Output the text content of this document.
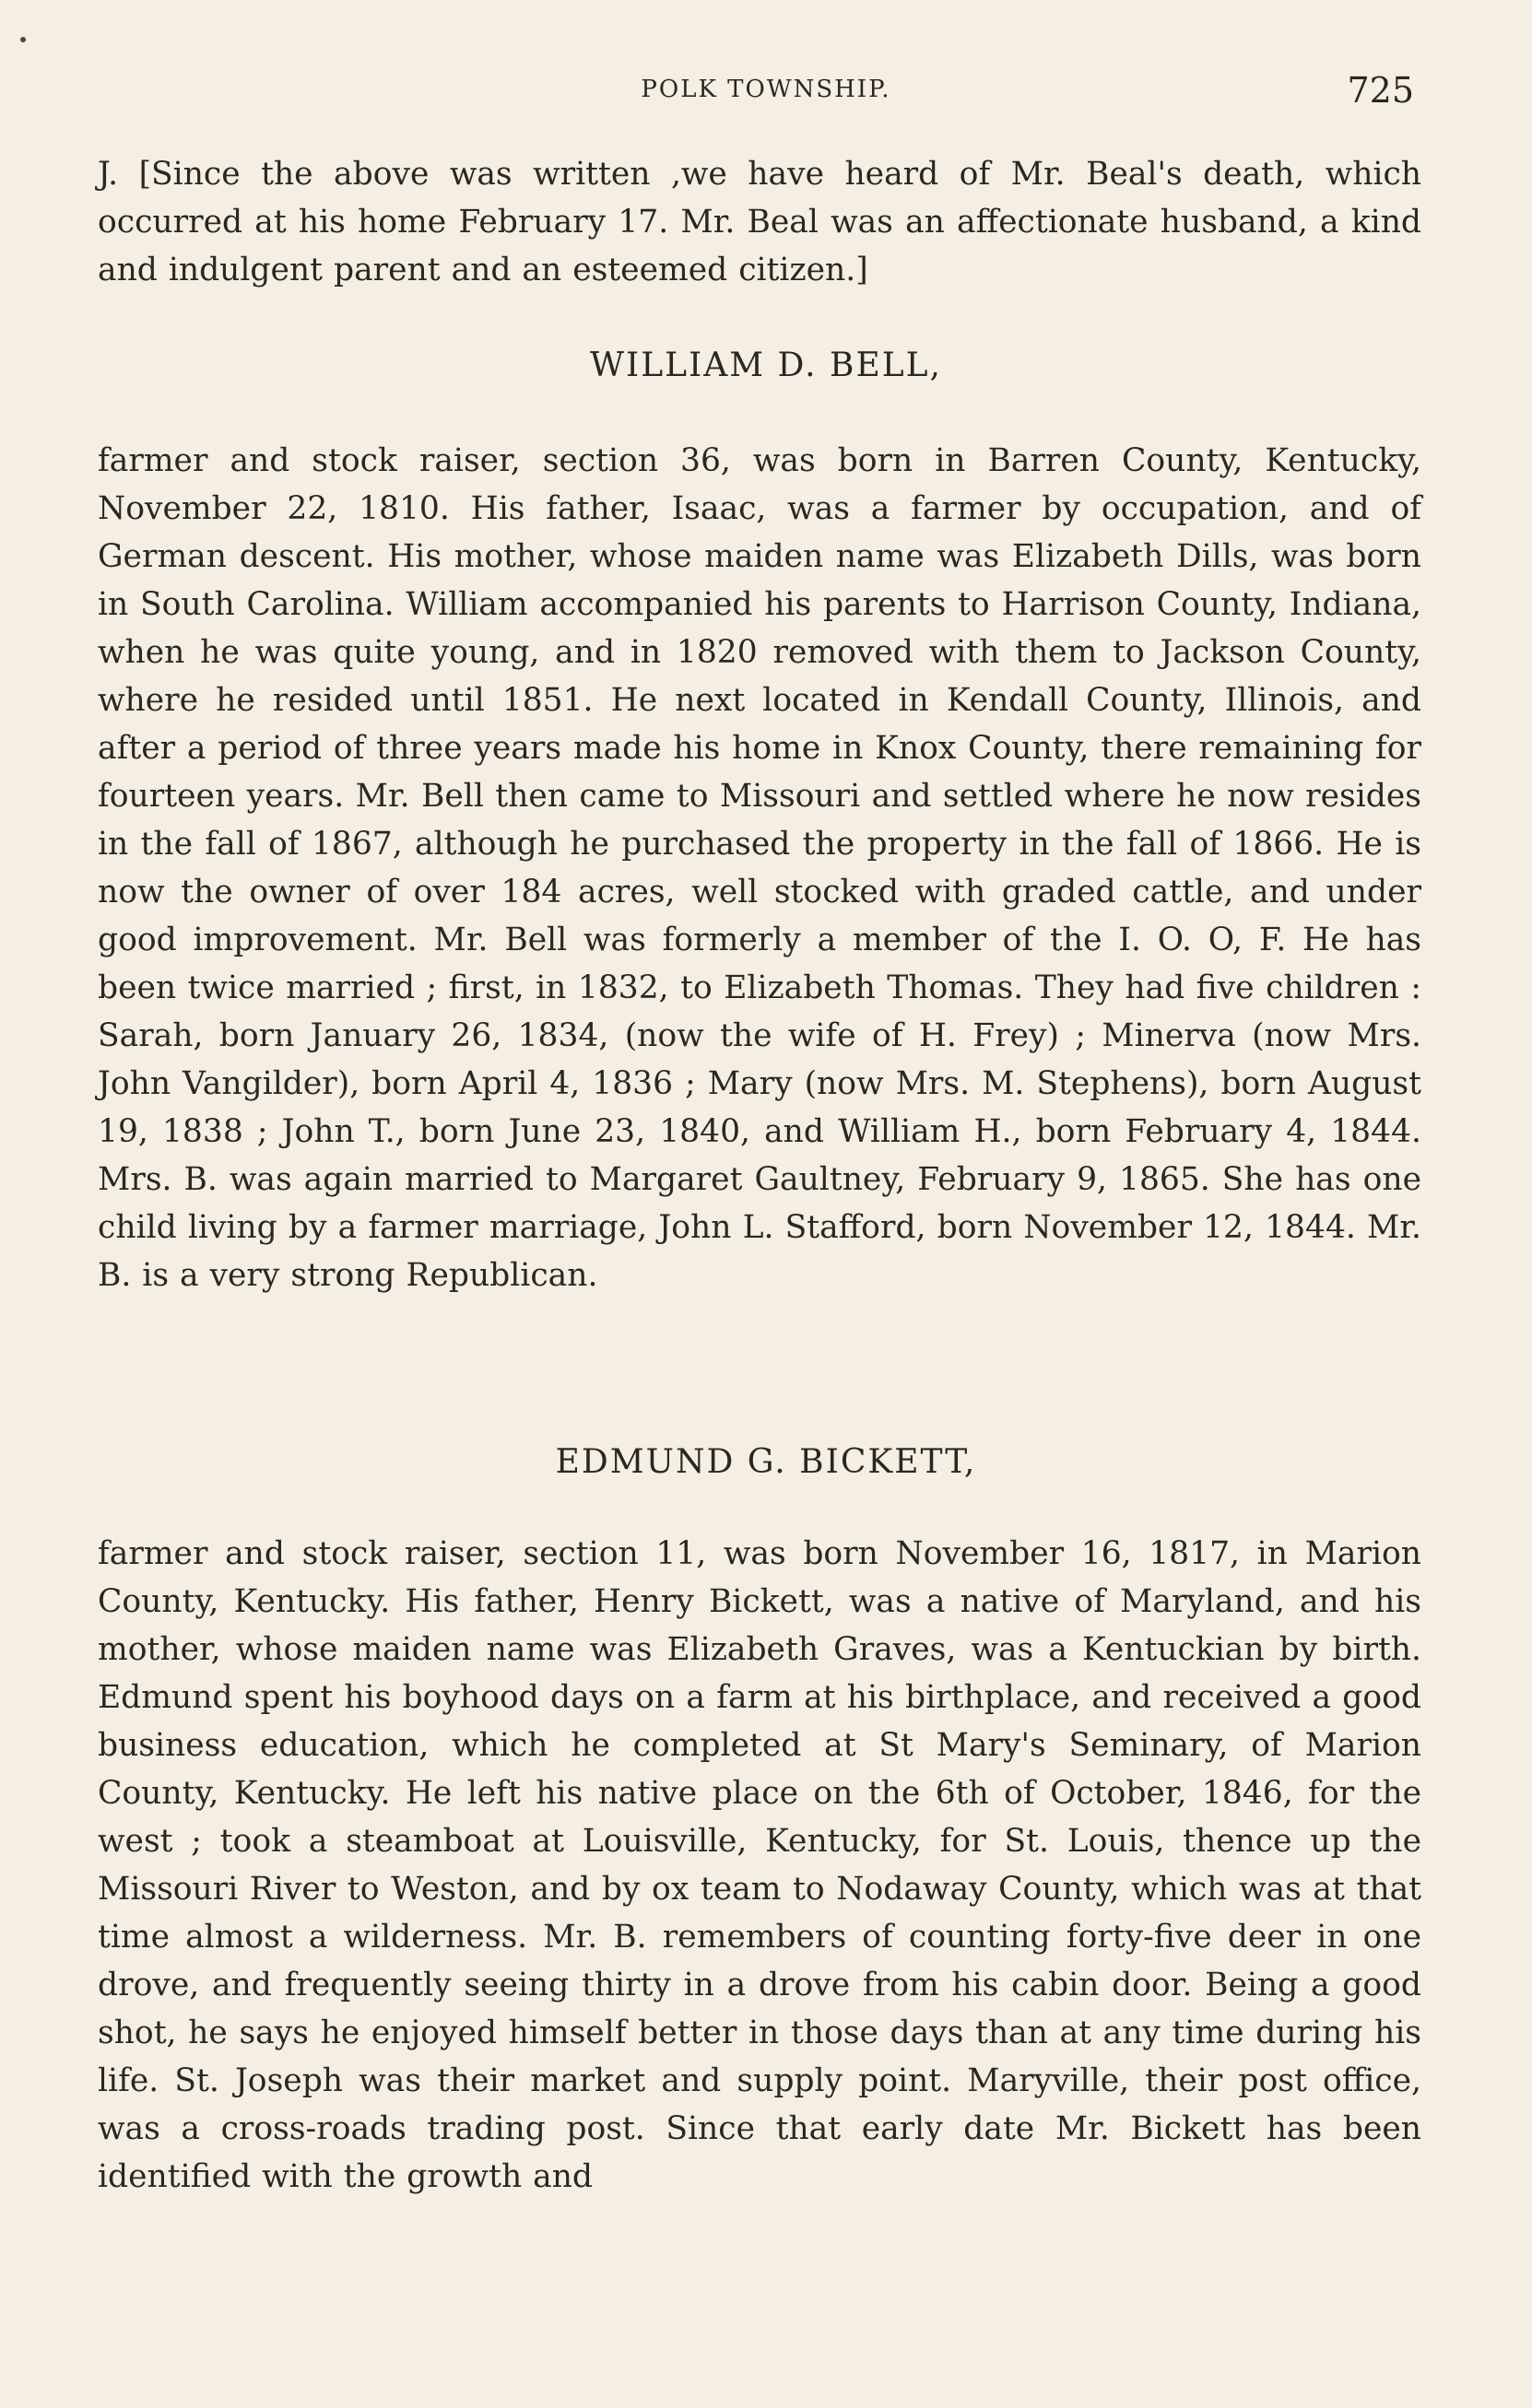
POLK TOWNSHIP.	725

J. [Since the above was written ,we have heard of Mr. Beal's death, which occurred at his home February 17. Mr. Beal was an affectionate husband, a kind and indulgent parent and an esteemed citizen.]

WILLIAM D. BELL,

farmer and stock raiser, section 36, was born in Barren County, Kentucky, November 22, 1810. His father, Isaac, was a farmer by occupation, and of German descent. His mother, whose maiden name was Elizabeth Dills, was born in South Carolina. William accompanied his parents to Harrison County, Indiana, when he was quite young, and in 1820 removed with them to Jackson County, where he resided until 1851. He next located in Kendall County, Illinois, and after a period of three years made his home in Knox County, there remaining for fourteen years. Mr. Bell then came to Missouri and settled where he now resides in the fall of 1867, although he purchased the property in the fall of 1866. He is now the owner of over 184 acres, well stocked with graded cattle, and under good improvement. Mr. Bell was formerly a member of the I. O. O, F. He has been twice married ; first, in 1832, to Elizabeth Thomas. They had five children : Sarah, born January 26, 1834, (now the wife of H. Frey) ; Minerva (now Mrs. John Vangilder), born April 4, 1836 ; Mary (now Mrs. M. Stephens), born August 19, 1838 ; John T., born June 23, 1840, and William H., born February 4, 1844. Mrs. B. was again married to Margaret Gaultney, February 9, 1865. She has one child living by a farmer marriage, John L. Stafford, born November 12, 1844. Mr. B. is a very strong Republican.

EDMUND G. BICKETT,

farmer and stock raiser, section 11, was born November 16, 1817, in Marion County, Kentucky. His father, Henry Bickett, was a native of Maryland, and his mother, whose maiden name was Elizabeth Graves, was a Kentuckian by birth. Edmund spent his boyhood days on a farm at his birthplace, and received a good business education, which he completed at St Mary's Seminary, of Marion County, Kentucky. He left his native place on the 6th of October, 1846, for the west ; took a steamboat at Louisville, Kentucky, for St. Louis, thence up the Missouri River to Weston, and by ox team to Nodaway County, which was at that time almost a wilderness. Mr. B. remembers of counting forty-five deer in one drove, and frequently seeing thirty in a drove from his cabin door. Being a good shot, he says he enjoyed himself better in those days than at any time during his life. St. Joseph was their market and supply point. Maryville, their post office, was a cross-roads trading post. Since that early date Mr. Bickett has been identified with the growth and
